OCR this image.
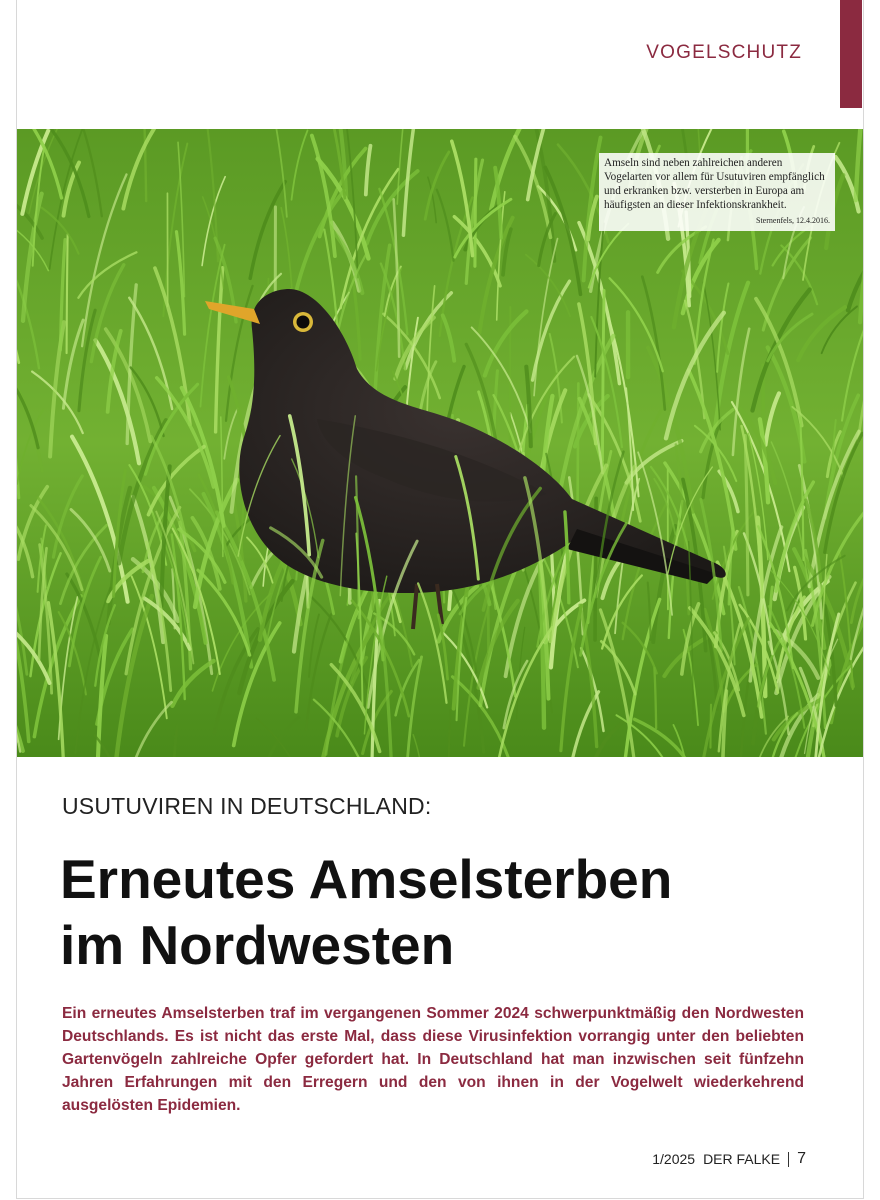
VOGELSCHUTZ
Amseln sind neben zahlreichen anderen Vogelarten vor allem für Usutuviren empfänglich und erkranken bzw. versterben in Europa am häufigsten an dieser Infektionskrankheit.
Sternenfels, 12.4.2016.
USUTUVIREN IN DEUTSCHLAND:
Erneutes Amselsterben
im Nordwesten

Ein erneutes Amselsterben traf im vergangenen Sommer 2024 schwerpunktmäßig den Nordwesten Deutschlands. Es ist nicht das erste Mal, dass diese Virusinfektion vorrangig unter den beliebten Gartenvögeln zahlreiche Opfer gefordert hat. In Deutschland hat man inzwischen seit fünfzehn Jahren Erfahrungen mit den Erregern und den von ihnen in der Vogelwelt wiederkehrend ausgelösten Epidemien.

1/2025 DER FALKE 7
